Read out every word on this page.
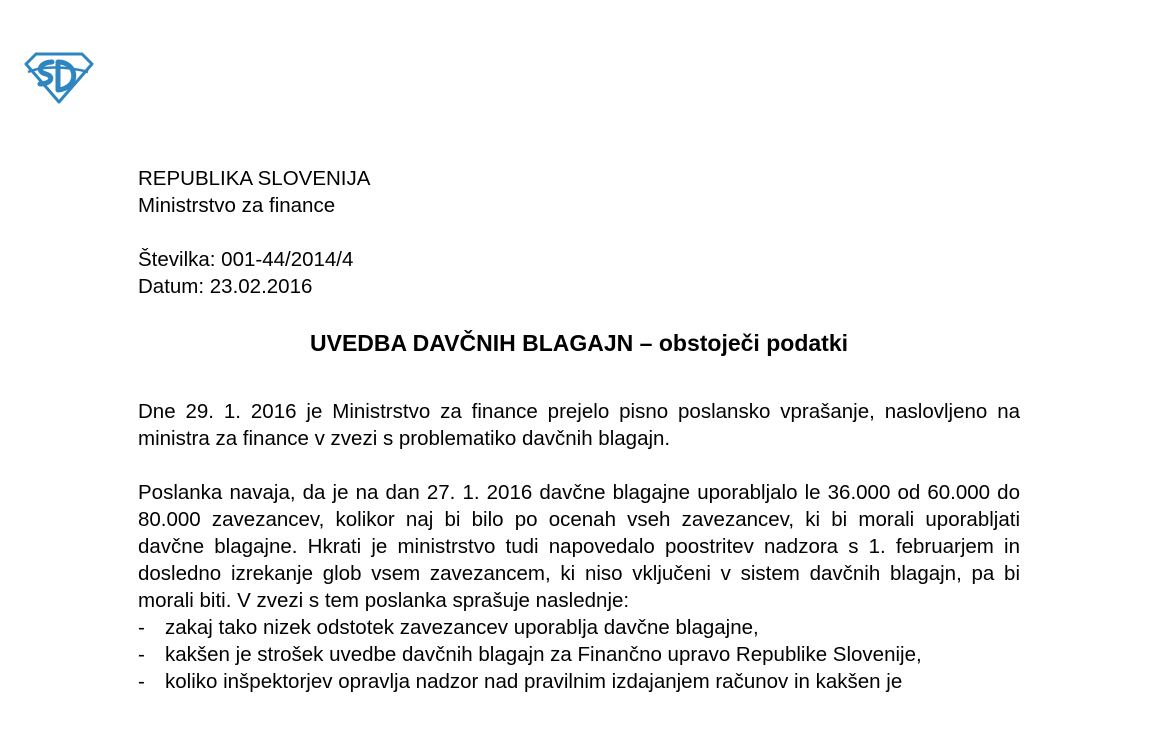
REPUBLIKA SLOVENIJA
Ministrstvo za finance
Številka: 001-44/2014/4
Datum: 23.02.2016
UVEDBA DAVČNIH BLAGAJN – obstoječi podatki

Dne 29. 1. 2016 je Ministrstvo za finance prejelo pisno poslansko vprašanje, naslovljeno na ministra za finance v zvezi s problematiko davčnih blagajn.

Poslanka navaja, da je na dan 27. 1. 2016 davčne blagajne uporabljalo le 36.000 od 60.000 do 80.000 zavezancev, kolikor naj bi bilo po ocenah vseh zavezancev, ki bi morali uporabljati davčne blagajne. Hkrati je ministrstvo tudi napovedalo poostritev nadzora s 1. februarjem in dosledno izrekanje glob vsem zavezancem, ki niso vključeni v sistem davčnih blagajn, pa bi morali biti. V zvezi s tem poslanka sprašuje naslednje:

- zakaj tako nizek odstotek zavezancev uporablja davčne blagajne,
- kakšen je strošek uvedbe davčnih blagajn za Finančno upravo Republike Slovenije,
- koliko inšpektorjev opravlja nadzor nad pravilnim izdajanjem računov in kakšen je
